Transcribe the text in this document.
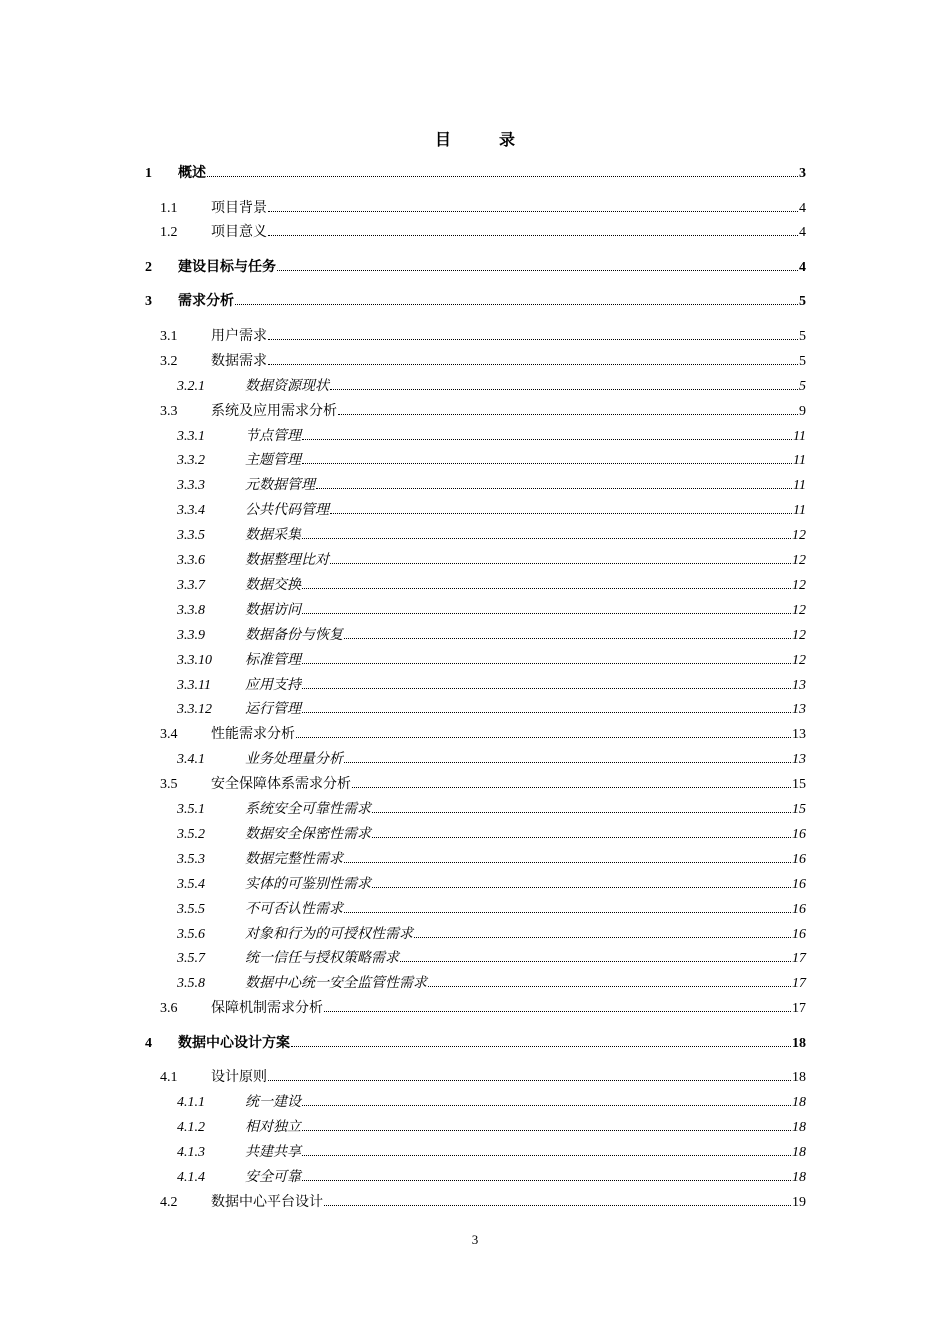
目 录
1	概述	3
1.1	项目背景	4
1.2	项目意义	4
2	建设目标与任务	4
3	需求分析	5
3.1	用户需求	5
3.2	数据需求	5
3.2.1	数据资源现状	5
3.3	系统及应用需求分析	9
3.3.1	节点管理	11
3.3.2	主题管理	11
3.3.3	元数据管理	11
3.3.4	公共代码管理	11
3.3.5	数据采集	12
3.3.6	数据整理比对	12
3.3.7	数据交换	12
3.3.8	数据访问	12
3.3.9	数据备份与恢复	12
3.3.10	标准管理	12
3.3.11	应用支持	13
3.3.12	运行管理	13
3.4	性能需求分析	13
3.4.1	业务处理量分析	13
3.5	安全保障体系需求分析	15
3.5.1	系统安全可靠性需求	15
3.5.2	数据安全保密性需求	16
3.5.3	数据完整性需求	16
3.5.4	实体的可鉴别性需求	16
3.5.5	不可否认性需求	16
3.5.6	对象和行为的可授权性需求	16
3.5.7	统一信任与授权策略需求	17
3.5.8	数据中心统一安全监管性需求	17
3.6	保障机制需求分析	17
4	数据中心设计方案	18
4.1	设计原则	18
4.1.1	统一建设	18
4.1.2	相对独立	18
4.1.3	共建共享	18
4.1.4	安全可靠	18
4.2	数据中心平台设计	19
3
